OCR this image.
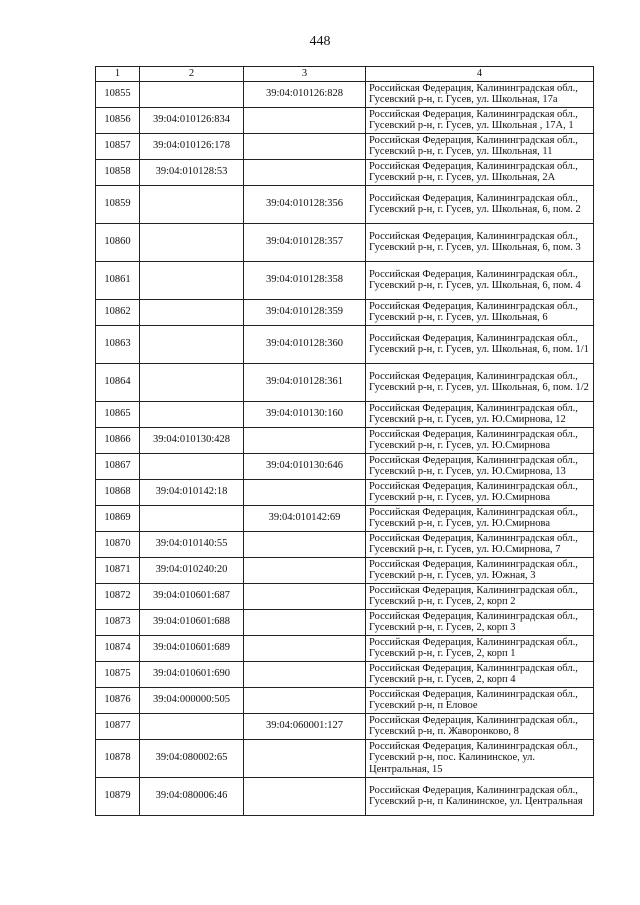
448
1	2	3	4
10855		39:04:010126:828	Российская Федерация, Калининградская обл., Гусевский р-н, г. Гусев, ул. Школьная, 17а
10856	39:04:010126:834		Российская Федерация, Калининградская обл., Гусевский р-н, г. Гусев, ул. Школьная , 17А, 1
10857	39:04:010126:178		Российская Федерация, Калининградская обл., Гусевский р-н, г. Гусев, ул. Школьная, 11
10858	39:04:010128:53		Российская Федерация, Калининградская обл., Гусевский р-н, г. Гусев, ул. Школьная, 2А
10859		39:04:010128:356	Российская Федерация, Калининградская обл., Гусевский р-н, г. Гусев, ул. Школьная, 6, пом. 2
10860		39:04:010128:357	Российская Федерация, Калининградская обл., Гусевский р-н, г. Гусев, ул. Школьная, 6, пом. 3
10861		39:04:010128:358	Российская Федерация, Калининградская обл., Гусевский р-н, г. Гусев, ул. Школьная, 6, пом. 4
10862		39:04:010128:359	Российская Федерация, Калининградская обл., Гусевский р-н, г. Гусев, ул. Школьная, 6
10863		39:04:010128:360	Российская Федерация, Калининградская обл., Гусевский р-н, г. Гусев, ул. Школьная, 6, пом. 1/1
10864		39:04:010128:361	Российская Федерация, Калининградская обл., Гусевский р-н, г. Гусев, ул. Школьная, 6, пом. 1/2
10865		39:04:010130:160	Российская Федерация, Калининградская обл., Гусевский р-н, г. Гусев, ул. Ю.Смирнова, 12
10866	39:04:010130:428		Российская Федерация, Калининградская обл., Гусевский р-н, г. Гусев, ул. Ю.Смирнова
10867		39:04:010130:646	Российская Федерация, Калининградская обл., Гусевский р-н, г. Гусев, ул. Ю.Смирнова, 13
10868	39:04:010142:18		Российская Федерация, Калининградская обл., Гусевский р-н, г. Гусев, ул. Ю.Смирнова
10869		39:04:010142:69	Российская Федерация, Калининградская обл., Гусевский р-н, г. Гусев, ул. Ю.Смирнова
10870	39:04:010140:55		Российская Федерация, Калининградская обл., Гусевский р-н, г. Гусев, ул. Ю.Смирнова, 7
10871	39:04:010240:20		Российская Федерация, Калининградская обл., Гусевский р-н, г. Гусев, ул. Южная, 3
10872	39:04:010601:687		Российская Федерация, Калининградская обл., Гусевский р-н, г. Гусев, 2, корп 2
10873	39:04:010601:688		Российская Федерация, Калининградская обл., Гусевский р-н, г. Гусев, 2, корп 3
10874	39:04:010601:689		Российская Федерация, Калининградская обл., Гусевский р-н, г. Гусев, 2, корп 1
10875	39:04:010601:690		Российская Федерация, Калининградская обл., Гусевский р-н, г. Гусев, 2, корп 4
10876	39:04:000000:505		Российская Федерация, Калининградская обл., Гусевский р-н, п Еловое
10877		39:04:060001:127	Российская Федерация, Калининградская обл., Гусевский р-н, п. Жаворонково, 8
10878	39:04:080002:65		Российская Федерация, Калининградская обл., Гусевский р-н, пос. Калининское, ул. Центральная, 15
10879	39:04:080006:46		Российская Федерация, Калининградская обл., Гусевский р-н, п Калининское, ул. Центральная
